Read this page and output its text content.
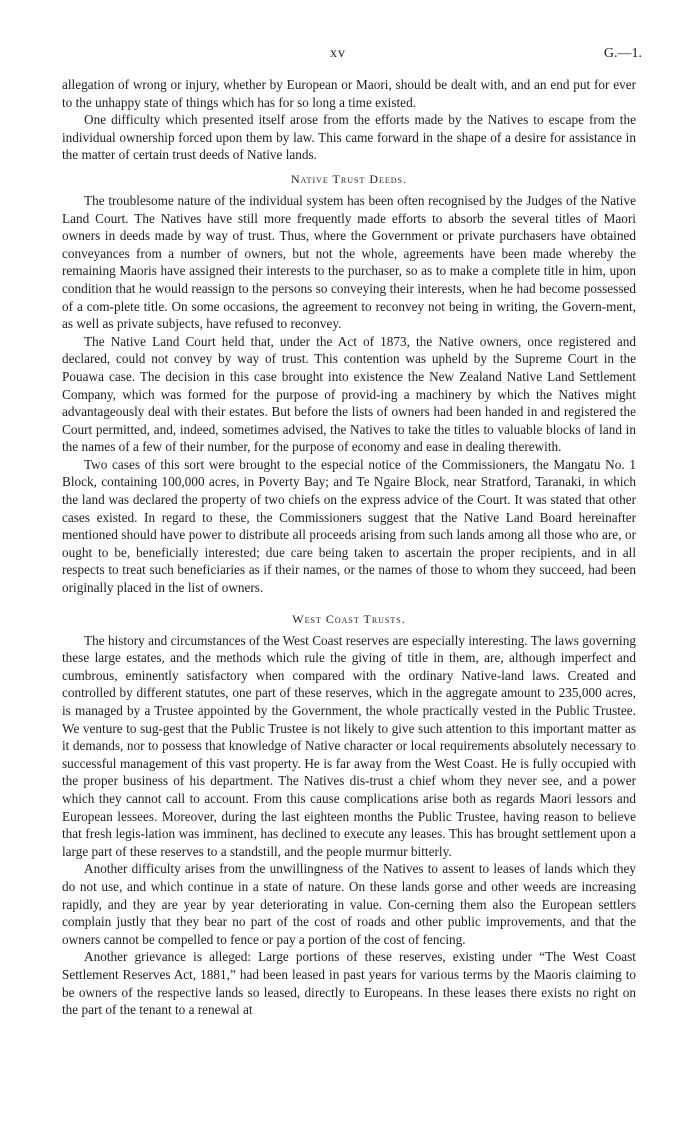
xv	G.—1.

allegation of wrong or injury, whether by European or Maori, should be dealt with, and an end put for ever to the unhappy state of things which has for so long a time existed.

One difficulty which presented itself arose from the efforts made by the Natives to escape from the individual ownership forced upon them by law. This came forward in the shape of a desire for assistance in the matter of certain trust deeds of Native lands.

Native Trust Deeds.

The troublesome nature of the individual system has been often recognised by the Judges of the Native Land Court. The Natives have still more frequently made efforts to absorb the several titles of Maori owners in deeds made by way of trust. Thus, where the Government or private purchasers have obtained conveyances from a number of owners, but not the whole, agreements have been made whereby the remaining Maoris have assigned their interests to the purchaser, so as to make a complete title in him, upon condition that he would reassign to the persons so conveying their interests, when he had become possessed of a com-plete title. On some occasions, the agreement to reconvey not being in writing, the Govern-ment, as well as private subjects, have refused to reconvey.

The Native Land Court held that, under the Act of 1873, the Native owners, once registered and declared, could not convey by way of trust. This contention was upheld by the Supreme Court in the Pouawa case. The decision in this case brought into existence the New Zealand Native Land Settlement Company, which was formed for the purpose of provid-ing a machinery by which the Natives might advantageously deal with their estates. But before the lists of owners had been handed in and registered the Court permitted, and, indeed, sometimes advised, the Natives to take the titles to valuable blocks of land in the names of a few of their number, for the purpose of economy and ease in dealing therewith.

Two cases of this sort were brought to the especial notice of the Commissioners, the Mangatu No. 1 Block, containing 100,000 acres, in Poverty Bay; and Te Ngaire Block, near Stratford, Taranaki, in which the land was declared the property of two chiefs on the express advice of the Court. It was stated that other cases existed. In regard to these, the Commissioners suggest that the Native Land Board hereinafter mentioned should have power to distribute all proceeds arising from such lands among all those who are, or ought to be, beneficially interested; due care being taken to ascertain the proper recipients, and in all respects to treat such beneficiaries as if their names, or the names of those to whom they succeed, had been originally placed in the list of owners.

West Coast Trusts.

The history and circumstances of the West Coast reserves are especially interesting. The laws governing these large estates, and the methods which rule the giving of title in them, are, although imperfect and cumbrous, eminently satisfactory when compared with the ordinary Native-land laws. Created and controlled by different statutes, one part of these reserves, which in the aggregate amount to 235,000 acres, is managed by a Trustee appointed by the Government, the whole practically vested in the Public Trustee. We venture to sug-gest that the Public Trustee is not likely to give such attention to this important matter as it demands, nor to possess that knowledge of Native character or local requirements absolutely necessary to successful management of this vast property. He is far away from the West Coast. He is fully occupied with the proper business of his department. The Natives dis-trust a chief whom they never see, and a power which they cannot call to account. From this cause complications arise both as regards Maori lessors and European lessees. Moreover, during the last eighteen months the Public Trustee, having reason to believe that fresh legis-lation was imminent, has declined to execute any leases. This has brought settlement upon a large part of these reserves to a standstill, and the people murmur bitterly.

Another difficulty arises from the unwillingness of the Natives to assent to leases of lands which they do not use, and which continue in a state of nature. On these lands gorse and other weeds are increasing rapidly, and they are year by year deteriorating in value. Con-cerning them also the European settlers complain justly that they bear no part of the cost of roads and other public improvements, and that the owners cannot be compelled to fence or pay a portion of the cost of fencing.

Another grievance is alleged: Large portions of these reserves, existing under “The West Coast Settlement Reserves Act, 1881,” had been leased in past years for various terms by the Maoris claiming to be owners of the respective lands so leased, directly to Europeans. In these leases there exists no right on the part of the tenant to a renewal at
